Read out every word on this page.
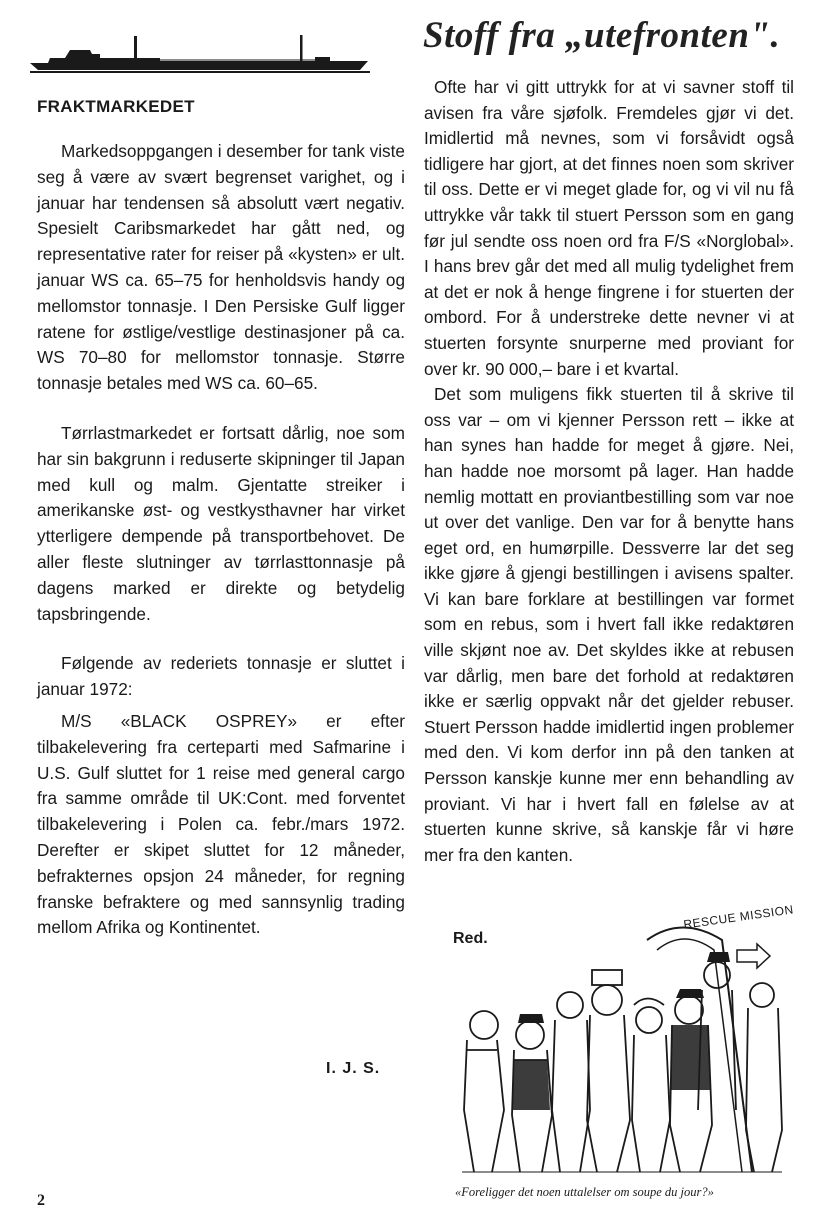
FRAKTMARKEDET

Markedsoppgangen i desember for tank viste seg å være av svært begrenset varighet, og i januar har tendensen så absolutt vært negativ. Spesielt Caribsmarkedet har gått ned, og representative rater for reiser på «kysten» er ult. januar WS ca. 65–75 for henholdsvis handy og mellomstor tonnasje. I Den Persiske Gulf ligger ratene for østlige/vestlige destinasjoner på ca. WS 70–80 for mellomstor tonnasje. Større tonnasje betales med WS ca. 60–65.

Tørrlastmarkedet er fortsatt dårlig, noe som har sin bakgrunn i reduserte skipninger til Japan med kull og malm. Gjentatte streiker i amerikanske øst- og vestkysthavner har virket ytterligere dempende på transportbehovet. De aller fleste slutninger av tørrlasttonnasje på dagens marked er direkte og betydelig tapsbringende.

Følgende av rederiets tonnasje er sluttet i januar 1972:

M/S «BLACK OSPREY» er efter tilbakelevering fra certeparti med Safmarine i U.S. Gulf sluttet for 1 reise med general cargo fra samme område til UK:Cont. med forventet tilbakelevering i Polen ca. febr./mars 1972. Derefter er skipet sluttet for 12 måneder, befrakternes opsjon 24 måneder, for regning franske befraktere og med sannsynlig trading mellom Afrika og Kontinentet.

I. J. S.
Stoff fra „utefronten".

Ofte har vi gitt uttrykk for at vi savner stoff til avisen fra våre sjøfolk. Fremdeles gjør vi det. Imidlertid må nevnes, som vi forsåvidt også tidligere har gjort, at det finnes noen som skriver til oss. Dette er vi meget glade for, og vi vil nu få uttrykke vår takk til stuert Persson som en gang før jul sendte oss noen ord fra F/S «Norglobal». I hans brev går det med all mulig tydelighet frem at det er nok å henge fingrene i for stuerten der ombord. For å understreke dette nevner vi at stuerten forsynte snurperne med proviant for over kr. 90 000,– bare i et kvartal.

Det som muligens fikk stuerten til å skrive til oss var – om vi kjenner Persson rett – ikke at han synes han hadde for meget å gjøre. Nei, han hadde noe morsomt på lager. Han hadde nemlig mottatt en proviantbestilling som var noe ut over det vanlige. Den var for å benytte hans eget ord, en humørpille. Dessverre lar det seg ikke gjøre å gjengi bestillingen i avisens spalter. Vi kan bare forklare at bestillingen var formet som en rebus, som i hvert fall ikke redaktøren ville skjønt noe av. Det skyldes ikke at rebusen var dårlig, men bare det forhold at redaktøren ikke er særlig oppvakt når det gjelder rebuser. Stuert Persson hadde imidlertid ingen problemer med den. Vi kom derfor inn på den tanken at Persson kanskje kunne mer enn behandling av proviant. Vi har i hvert fall en følelse av at stuerten kunne skrive, så kanskje får vi høre mer fra den kanten.

Red.
RESCUE MISSION
«Foreligger det noen uttalelser om soupe du jour?»
2
